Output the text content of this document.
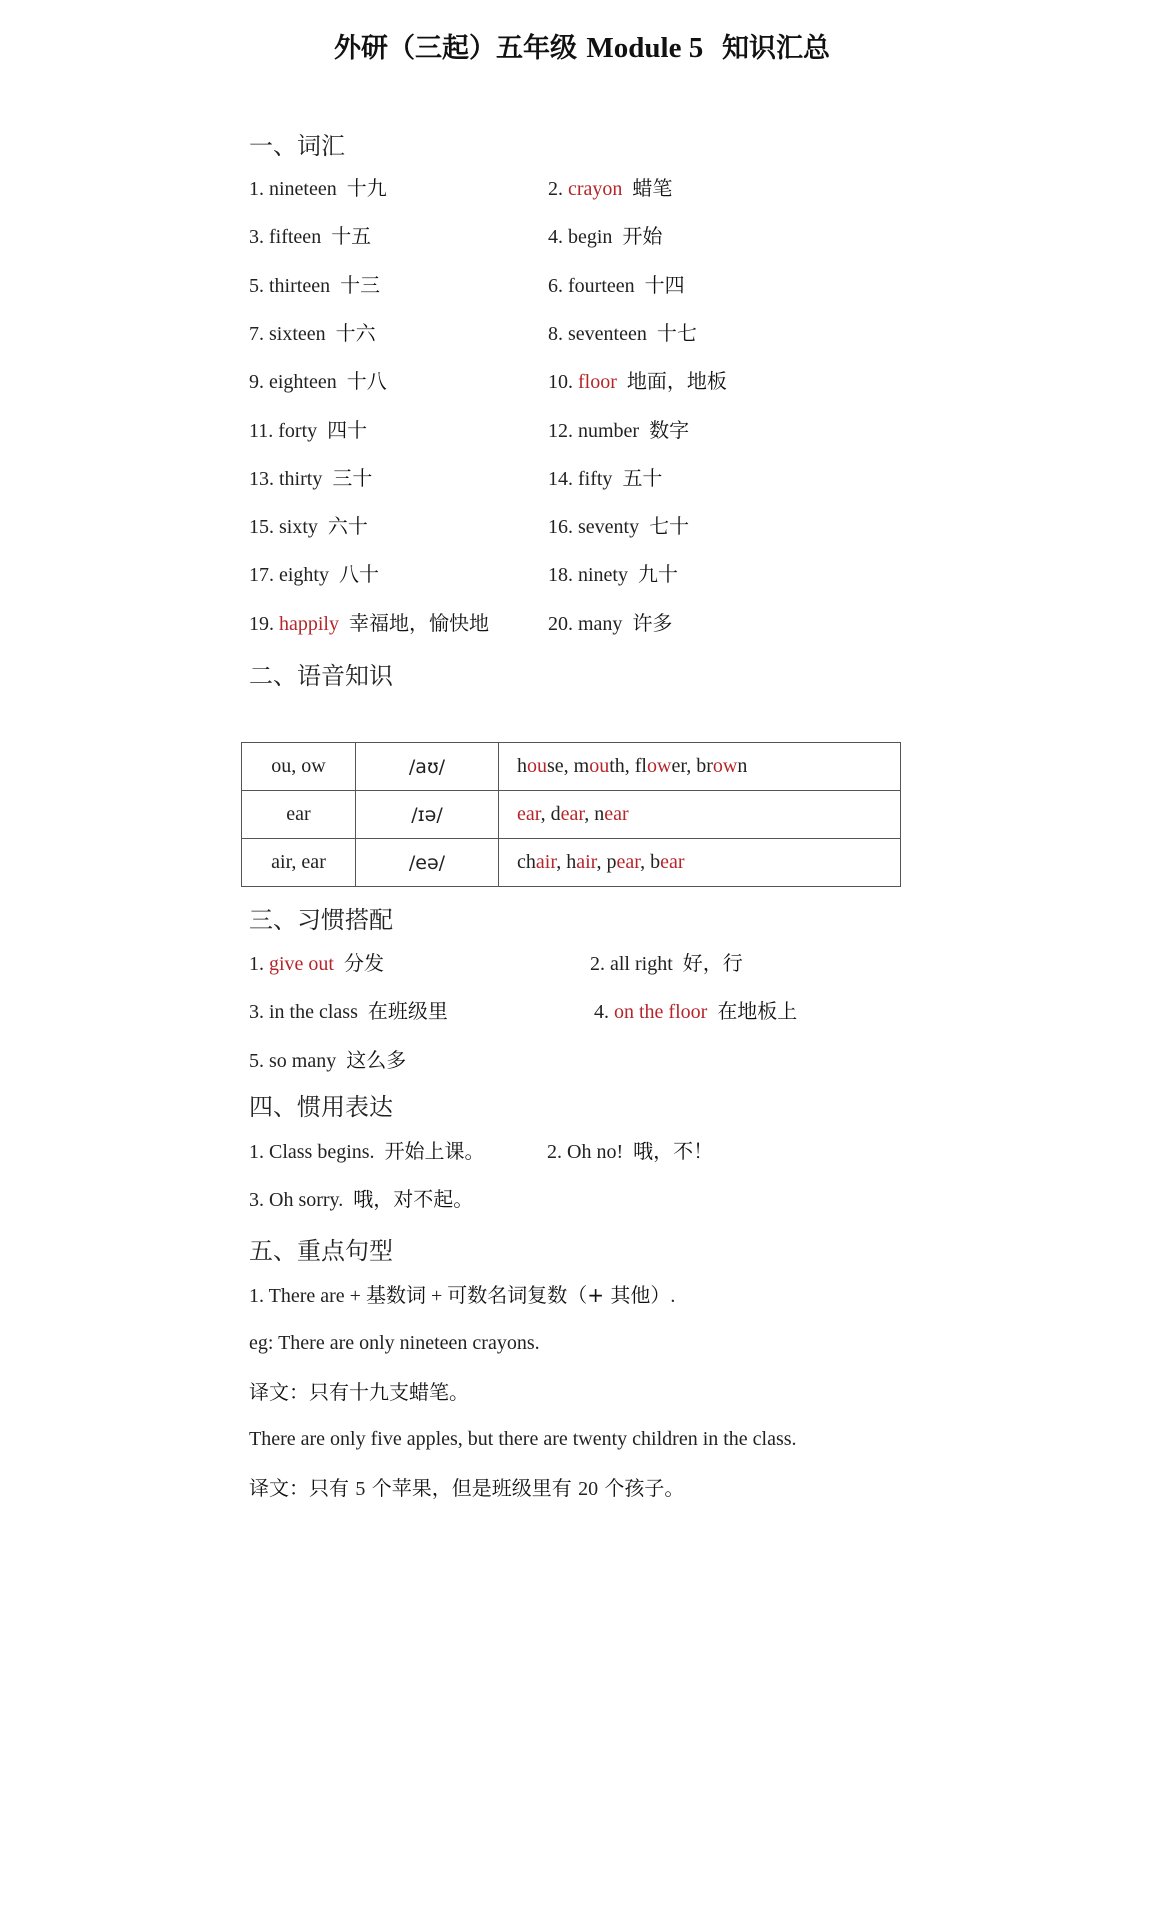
外研（三起）五年级 Module 5 知识汇总
一、词汇
1. nineteen 十九	2. crayon 蜡笔
3. fifteen 十五	4. begin 开始
5. thirteen 十三	6. fourteen 十四
7. sixteen 十六	8. seventeen 十七
9. eighteen 十八	10. floor 地面，地板
11. forty 四十	12. number 数字
13. thirty 三十	14. fifty 五十
15. sixty 六十	16. seventy 七十
17. eighty 八十	18. ninety 九十
19. happily 幸福地，愉快地	20. many 许多
二、语音知识
ou, ow	/aʊ/	house, mouth, flower, brown
ear	/ɪə/	ear, dear, near
air, ear	/eə/	chair, hair, pear, bear
三、习惯搭配
1. give out 分发	2. all right 好，行
3. in the class 在班级里	4. on the floor 在地板上
5. so many 这么多
四、惯用表达
1. Class begins. 开始上课。	2. Oh no! 哦，不！
3. Oh sorry. 哦，对不起。
五、重点句型
1. There are + 基数词 + 可数名词复数（+ 其他）.
eg: There are only nineteen crayons.
译文：只有十九支蜡笔。
There are only five apples, but there are twenty children in the class.
译文：只有 5 个苹果，但是班级里有 20 个孩子。
